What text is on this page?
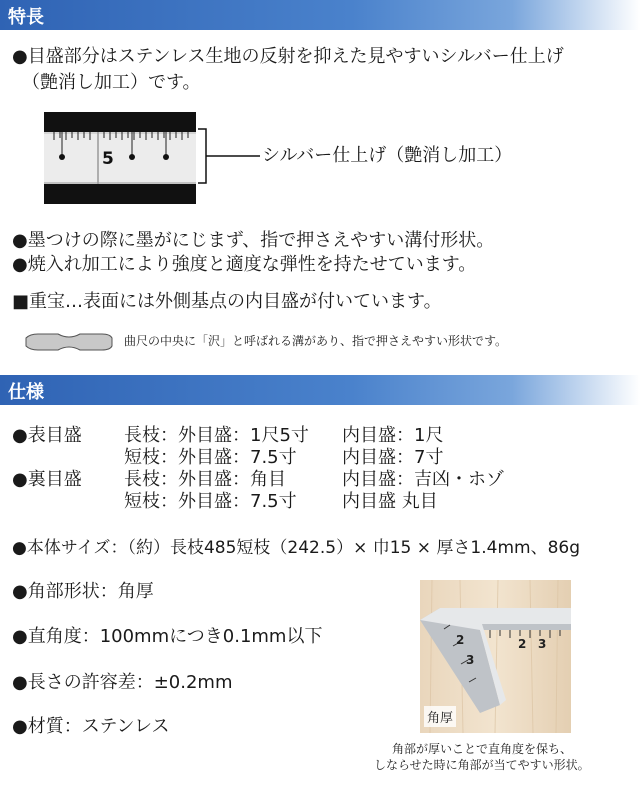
特長
●目盛部分はステンレス生地の反射を抑えた見やすいシルバー仕上げ
（艶消し加工）です。
5	シルバー仕上げ（艶消し加工）
●墨つけの際に墨がにじまず、指で押さえやすい溝付形状。
●焼入れ加工により強度と適度な弾性を持たせています。
■重宝…表面には外側基点の内目盛が付いています。
曲尺の中央に「沢」と呼ばれる溝があり、指で押さえやすい形状です。
仕様
●表目盛 長枝：外目盛：1尺5寸 内目盛：1尺
短枝：外目盛：7.5寸	内目盛：7寸
●裏目盛 長枝：外目盛：角目	内目盛：吉凶・ホゾ
短枝：外目盛：7.5寸	内目盛 丸目
●本体サイズ：（約）長枝485短枝（242.5）× 巾15 × 厚さ1.4mm、86g
●角部形状：角厚
●直角度：100mmにつき0.1mm以下
●長さの許容差：±0.2mm
●材質：ステンレス
2 3
2
3
角厚
角部が厚いことで直角度を保ち、
しならせた時に角部が当てやすい形状。
